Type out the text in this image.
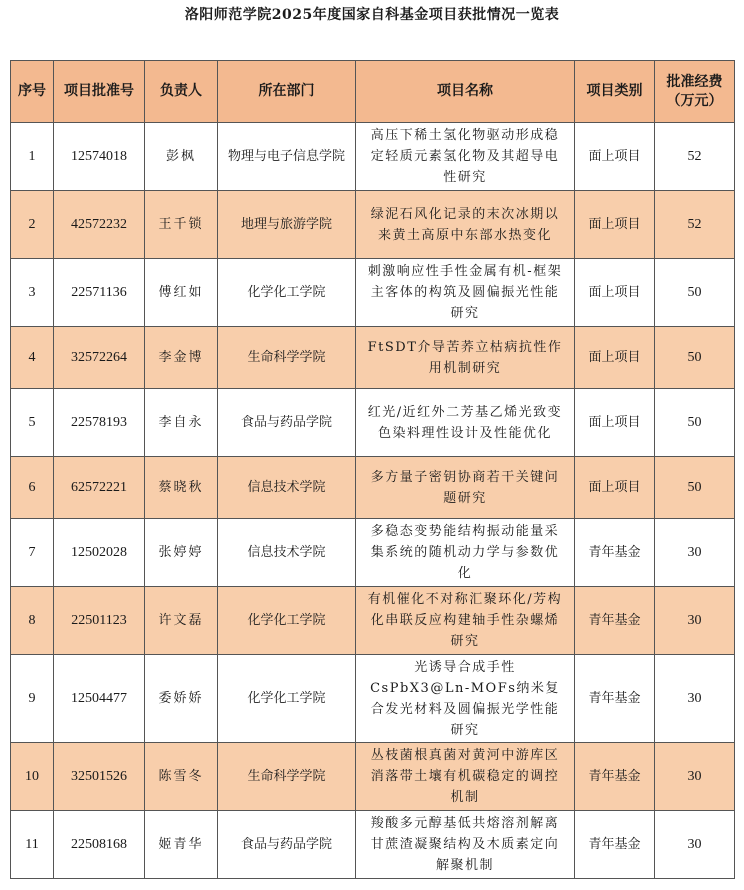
洛阳师范学院2025年度国家自科基金项目获批情况一览表
序号	项目批准号	负责人	所在部门	项目名称	项目类别	批准经费（万元）
1	12574018	彭枫	物理与电子信息学院	高压下稀土氢化物驱动形成稳定轻质元素氢化物及其超导电性研究	面上项目	52
2	42572232	王千锁	地理与旅游学院	绿泥石风化记录的末次冰期以来黄土高原中东部水热变化	面上项目	52
3	22571136	傅红如	化学化工学院	刺激响应性手性金属有机-框架主客体的构筑及圆偏振光性能研究	面上项目	50
4	32572264	李金博	生命科学学院	FtSDT介导苦荞立枯病抗性作用机制研究	面上项目	50
5	22578193	李自永	食品与药品学院	红光/近红外二芳基乙烯光致变色染料理性设计及性能优化	面上项目	50
6	62572221	蔡晓秋	信息技术学院	多方量子密钥协商若干关键问题研究	面上项目	50
7	12502028	张婷婷	信息技术学院	多稳态变势能结构振动能量采集系统的随机动力学与参数优化	青年基金	30
8	22501123	许文磊	化学化工学院	有机催化不对称汇聚环化/芳构化串联反应构建轴手性杂螺烯研究	青年基金	30
9	12504477	委娇娇	化学化工学院	光诱导合成手性CsPbX3@Ln-MOFs纳米复合发光材料及圆偏振光学性能研究	青年基金	30
10	32501526	陈雪冬	生命科学学院	丛枝菌根真菌对黄河中游库区消落带土壤有机碳稳定的调控机制	青年基金	30
11	22508168	姬青华	食品与药品学院	羧酸多元醇基低共熔溶剂解离甘蔗渣凝聚结构及木质素定向解聚机制	青年基金	30
